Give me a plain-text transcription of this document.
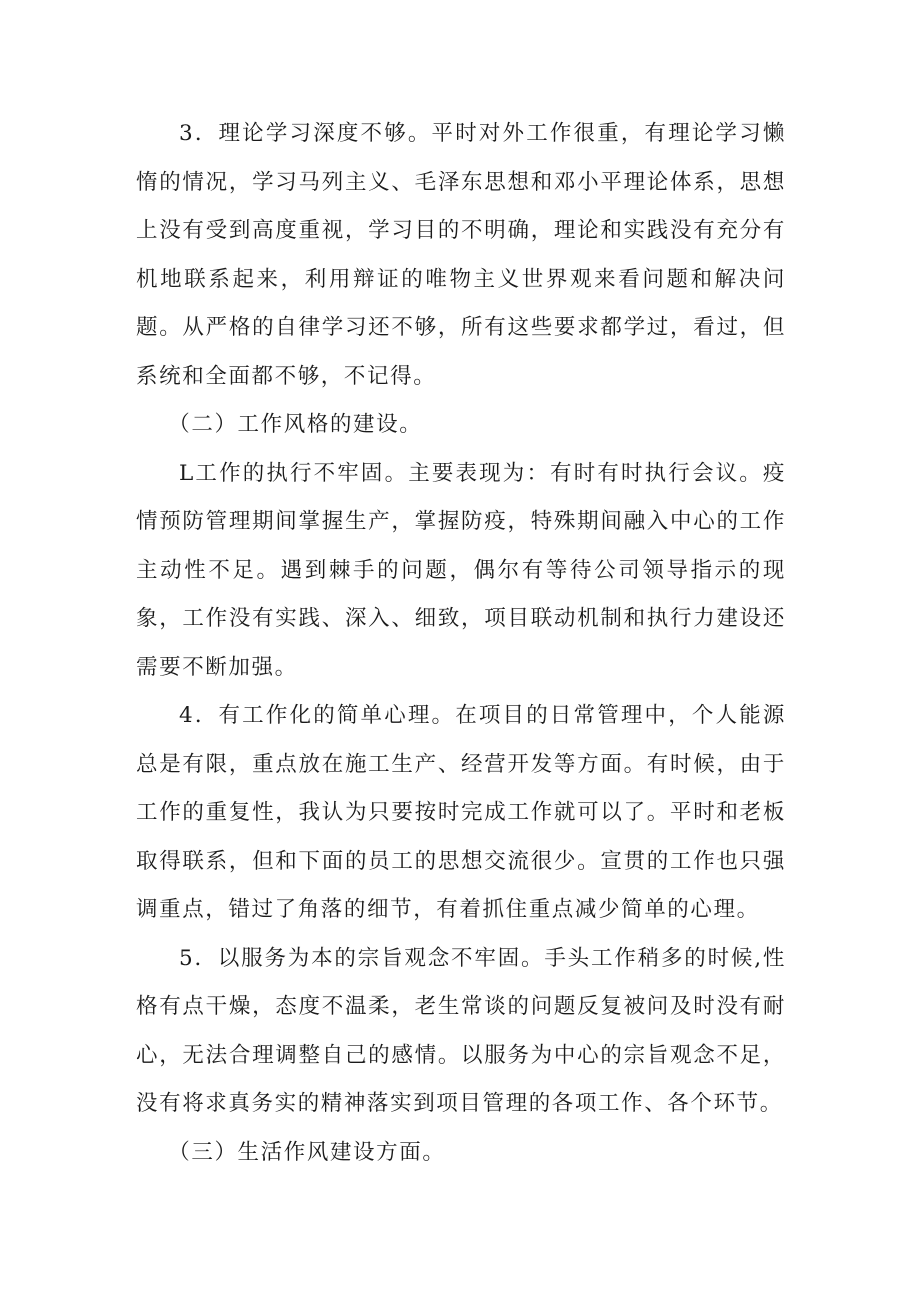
3．理论学习深度不够。平时对外工作很重，有理论学习懒惰的情况，学习马列主义、毛泽东思想和邓小平理论体系，思想上没有受到高度重视，学习目的不明确，理论和实践没有充分有机地联系起来，利用辩证的唯物主义世界观来看问题和解决问题。从严格的自律学习还不够，所有这些要求都学过，看过，但系统和全面都不够，不记得。

（二）工作风格的建设。

L工作的执行不牢固。主要表现为：有时有时执行会议。疫情预防管理期间掌握生产，掌握防疫，特殊期间融入中心的工作主动性不足。遇到棘手的问题，偶尔有等待公司领导指示的现象，工作没有实践、深入、细致，项目联动机制和执行力建设还需要不断加强。

4．有工作化的简单心理。在项目的日常管理中，个人能源总是有限，重点放在施工生产、经营开发等方面。有时候，由于工作的重复性，我认为只要按时完成工作就可以了。平时和老板取得联系，但和下面的员工的思想交流很少。宣贯的工作也只强调重点，错过了角落的细节，有着抓住重点减少简单的心理。

5．以服务为本的宗旨观念不牢固。手头工作稍多的时候,性格有点干燥，态度不温柔，老生常谈的问题反复被问及时没有耐心，无法合理调整自己的感情。以服务为中心的宗旨观念不足，没有将求真务实的精神落实到项目管理的各项工作、各个环节。

（三）生活作风建设方面。
